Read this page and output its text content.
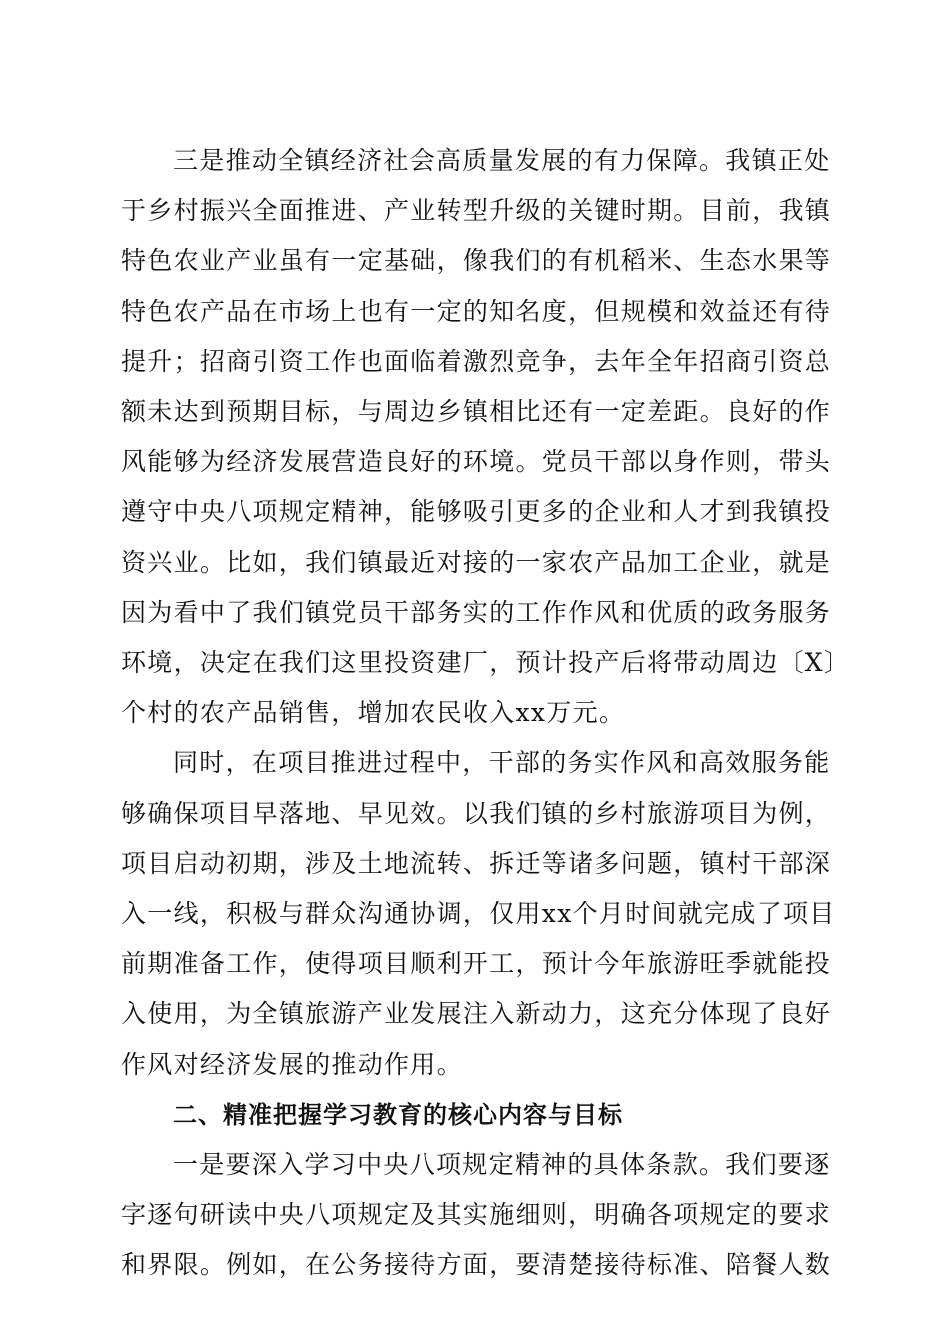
三是推动全镇经济社会高质量发展的有力保障。我镇正处
于乡村振兴全面推进、产业转型升级的关键时期。目前，我镇
特色农业产业虽有一定基础，像我们的有机稻米、生态水果等
特色农产品在市场上也有一定的知名度，但规模和效益还有待
提升；招商引资工作也面临着激烈竞争，去年全年招商引资总
额未达到预期目标，与周边乡镇相比还有一定差距。良好的作
风能够为经济发展营造良好的环境。党员干部以身作则，带头
遵守中央八项规定精神，能够吸引更多的企业和人才到我镇投
资兴业。比如，我们镇最近对接的一家农产品加工企业，就是
因为看中了我们镇党员干部务实的工作作风和优质的政务服务
环境，决定在我们这里投资建厂，预计投产后将带动周边〔X〕
个村的农产品销售，增加农民收入xx万元。
同时，在项目推进过程中，干部的务实作风和高效服务能
够确保项目早落地、早见效。以我们镇的乡村旅游项目为例，
项目启动初期，涉及土地流转、拆迁等诸多问题，镇村干部深
入一线，积极与群众沟通协调，仅用xx个月时间就完成了项目
前期准备工作，使得项目顺利开工，预计今年旅游旺季就能投
入使用，为全镇旅游产业发展注入新动力，这充分体现了良好
作风对经济发展的推动作用。
二、精准把握学习教育的核心内容与目标
一是要深入学习中央八项规定精神的具体条款。我们要逐
字逐句研读中央八项规定及其实施细则，明确各项规定的要求
和界限。例如，在公务接待方面，要清楚接待标准、陪餐人数
